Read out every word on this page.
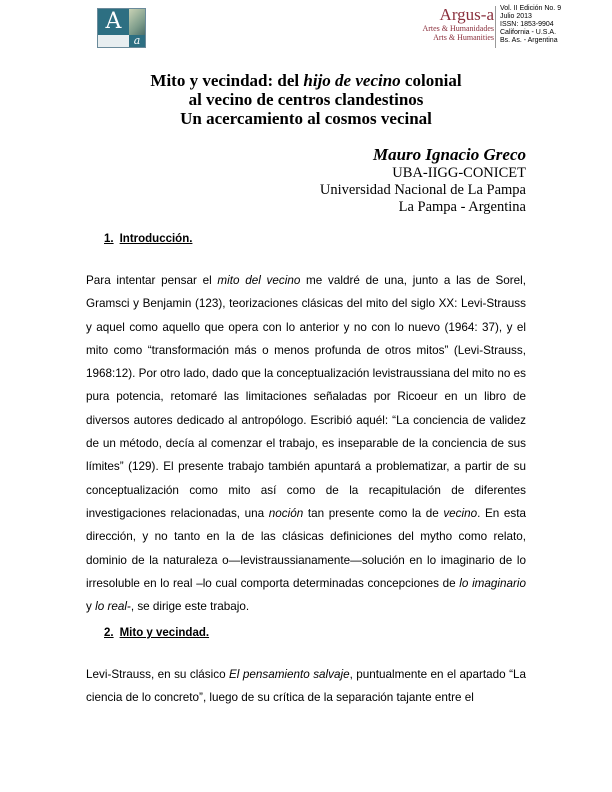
A
a
Argus-a
Artes & Humanidades
Arts & Humanities
Vol. II Edición No. 9
Julio 2013
ISSN: 1853-9904
California - U.S.A.
Bs. As. - Argentina
Mito y vecindad: del hijo de vecino colonial
al vecino de centros clandestinos
Un acercamiento al cosmos vecinal
Mauro Ignacio Greco
UBA-IIGG-CONICET
Universidad Nacional de La Pampa
La Pampa - Argentina
1. Introducción.
Para intentar pensar el mito del vecino me valdré de una, junto a las de Sorel, Gramsci y Benjamin (123), teorizaciones clásicas del mito del siglo XX: Levi-Strauss y aquel como aquello que opera con lo anterior y no con lo nuevo (1964: 37), y el mito como “transformación más o menos profunda de otros mitos” (Levi-Strauss, 1968:12). Por otro lado, dado que la conceptualización levistraussiana del mito no es pura potencia, retomaré las limitaciones señaladas por Ricoeur en un libro de diversos autores dedicado al antropólogo. Escribió aquél: “La conciencia de validez de un método, decía al comenzar el trabajo, es inseparable de la conciencia de sus límites” (129). El presente trabajo también apuntará a problematizar, a partir de su conceptualización como mito así como de la recapitulación de diferentes investigaciones relacionadas, una noción tan presente como la de vecino. En esta dirección, y no tanto en la de las clásicas definiciones del mytho como relato, dominio de la naturaleza o—levistraussianamente—solución en lo imaginario de lo irresoluble en lo real –lo cual comporta determinadas concepciones de lo imaginario y lo real-, se dirige este trabajo.
2. Mito y vecindad.
Levi-Strauss, en su clásico El pensamiento salvaje, puntualmente en el apartado “La ciencia de lo concreto”, luego de su crítica de la separación tajante entre el
